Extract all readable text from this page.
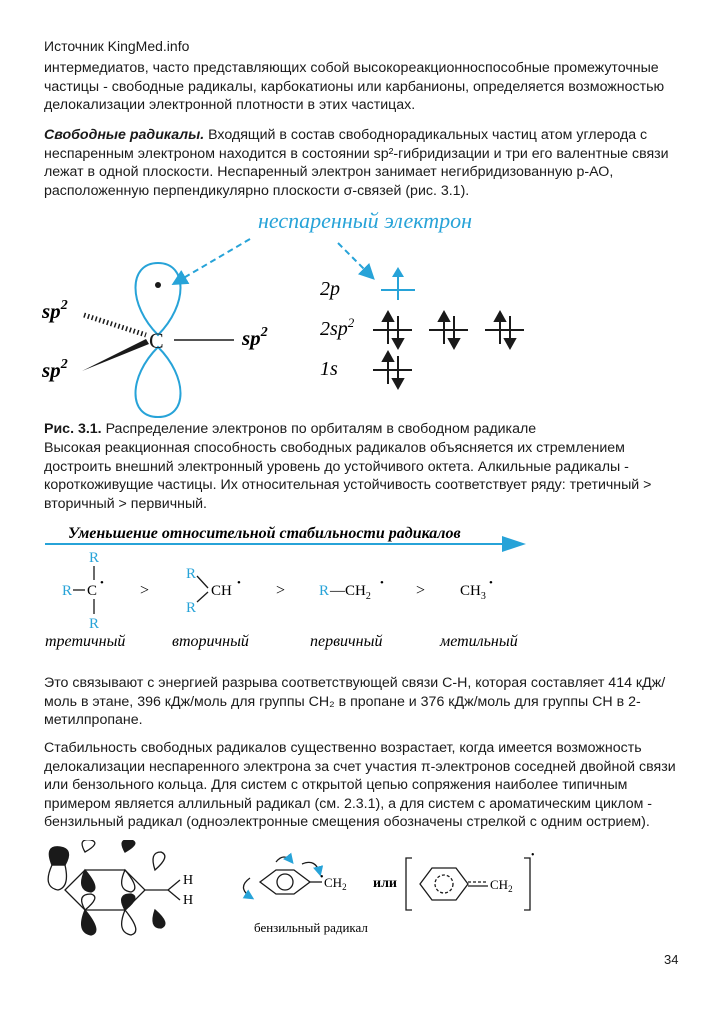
Источник KingMed.info

интермедиатов, часто представляющих собой высокореакционноспособные промежуточные частицы - свободные радикалы, карбокатионы или карбанионы, определяется возможностью делокализации электронной плотности в этих частицах.

Свободные радикалы. Входящий в состав свободнорадикальных частиц атом углерода с неспаренным электроном находится в состоянии sp²-гибридизации и три его валентные связи лежат в одной плоскости. Неспаренный электрон занимает негибридизованную р-АО, расположенную перпендикулярно плоскости σ-связей (рис. 3.1).

неспаренный электрон
C
$sp^2$
$sp^2$
$sp^2$
2p
$2sp^2$
1s

Рис. 3.1. Распределение электронов по орбиталям в свободном радикале

Высокая реакционная способность свободных радикалов объясняется их стремлением достроить внешний электронный уровень до устойчивого октета. Алкильные радикалы - короткоживущие частицы. Их относительная устойчивость соответствует ряду: третичный > вторичный > первичный.

Уменьшение относительной стабильности радикалов
R
R C •
R
>
R
R
CH • > R $—CH_2$
• > $CH_3$
•
третичный	вторичный	первичный	метильный

Это связывают с энергией разрыва соответствующей связи С-Н, которая составляет 414 кДж/моль в этане, 396 кДж/моль для группы СН₂ в пропане и 376 кДж/моль для группы СН в 2-метилпропане.

Стабильность свободных радикалов существенно возрастает, когда имеется возможность делокализации неспаренного электрона за счет участия π-электронов соседней двойной связи или бензольного кольца. Для систем с открытой цепью сопряжения наиболее типичным примером является аллильный радикал (см. 2.3.1), а для систем с ароматическим циклом - бензильный радикал (одноэлектронные смещения обозначены стрелкой с одним острием).

H
H
$CH_2$
•	или	$CH_2$
•
бензильный радикал
34
